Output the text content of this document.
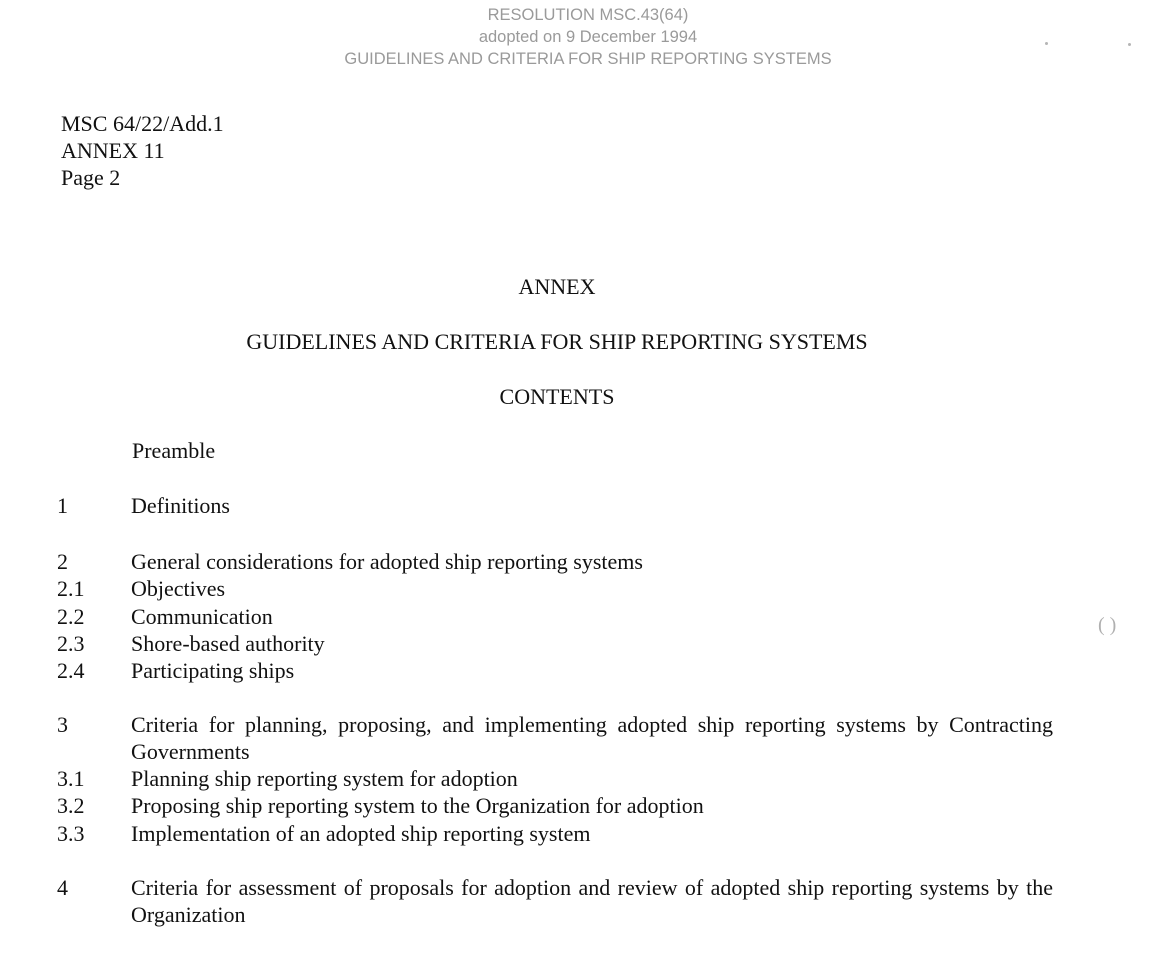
RESOLUTION MSC.43(64)
adopted on 9 December 1994
GUIDELINES AND CRITERIA FOR SHIP REPORTING SYSTEMS
MSC 64/22/Add.1
ANNEX 11
Page 2
ANNEX
GUIDELINES AND CRITERIA FOR SHIP REPORTING SYSTEMS
CONTENTS
Preamble
1	Definitions
2	General considerations for adopted ship reporting systems
2.1	Objectives
2.2	Communication
2.3	Shore-based authority
2.4	Participating ships
3	Criteria for planning, proposing, and implementing adopted ship reporting systems by Contracting Governments
3.1	Planning ship reporting system for adoption
3.2	Proposing ship reporting system to the Organization for adoption
3.3	Implementation of an adopted ship reporting system
4	Criteria for assessment of proposals for adoption and review of adopted ship reporting systems by the Organization
( )
